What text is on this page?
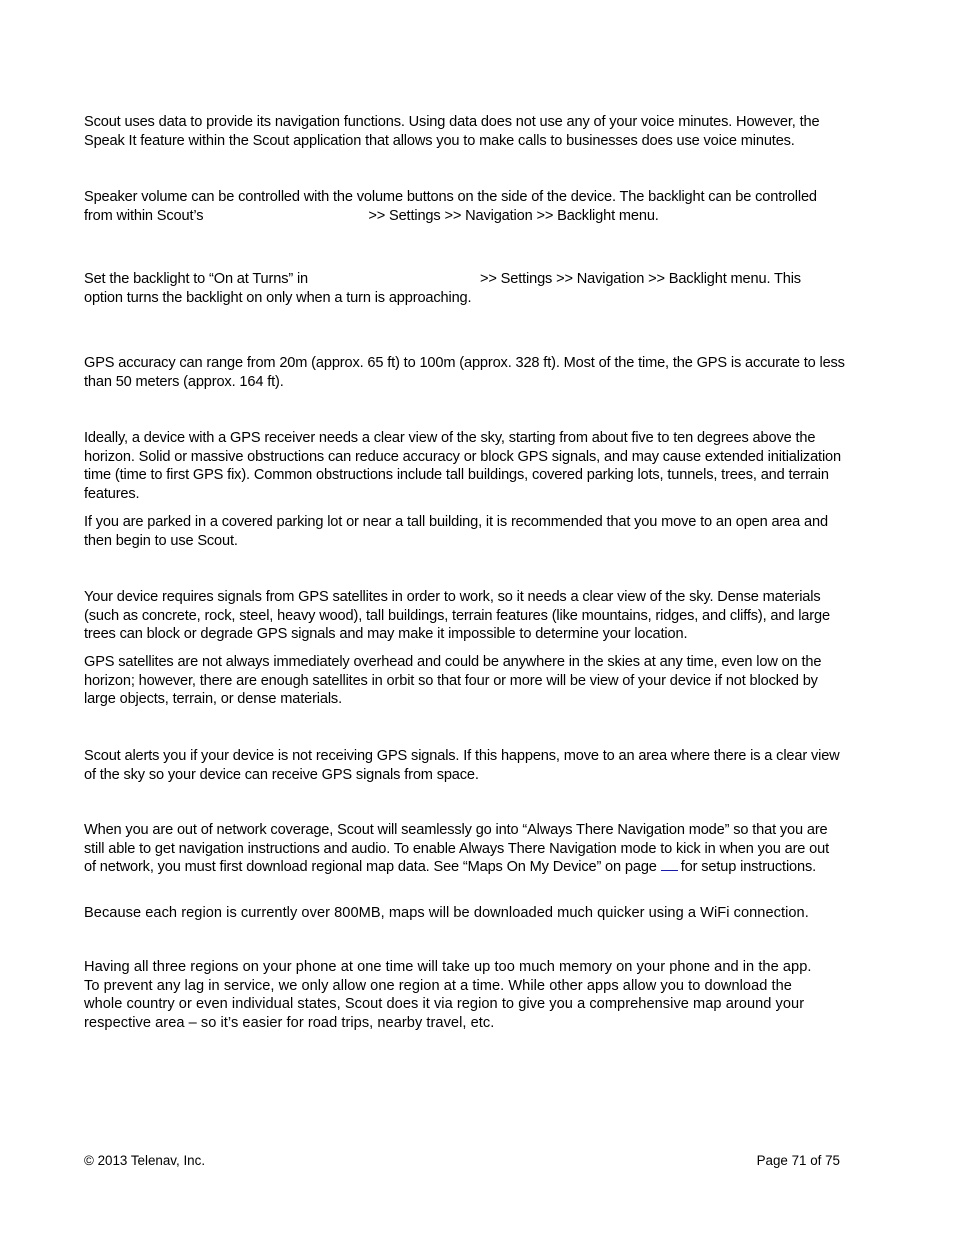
Scout uses data to provide its navigation functions. Using data does not use any of your voice minutes. However, the
Speak It feature within the Scout application that allows you to make calls to businesses does use voice minutes.

Speaker volume can be controlled with the volume buttons on the side of the device. The backlight can be controlled
from within Scout’s	>> Settings >> Navigation >> Backlight menu.

Set the backlight to “On at Turns” in	>> Settings >> Navigation >> Backlight menu. This
option turns the backlight on only when a turn is approaching.

GPS accuracy can range from 20m (approx. 65 ft) to 100m (approx. 328 ft). Most of the time, the GPS is accurate to less
than 50 meters (approx. 164 ft).

Ideally, a device with a GPS receiver needs a clear view of the sky, starting from about five to ten degrees above the
horizon. Solid or massive obstructions can reduce accuracy or block GPS signals, and may cause extended initialization
time (time to first GPS fix). Common obstructions include tall buildings, covered parking lots, tunnels, trees, and terrain
features.

If you are parked in a covered parking lot or near a tall building, it is recommended that you move to an open area and
then begin to use Scout.

Your device requires signals from GPS satellites in order to work, so it needs a clear view of the sky. Dense materials
(such as concrete, rock, steel, heavy wood), tall buildings, terrain features (like mountains, ridges, and cliffs), and large
trees can block or degrade GPS signals and may make it impossible to determine your location.

GPS satellites are not always immediately overhead and could be anywhere in the skies at any time, even low on the
horizon; however, there are enough satellites in orbit so that four or more will be view of your device if not blocked by
large objects, terrain, or dense materials.

Scout alerts you if your device is not receiving GPS signals. If this happens, move to an area where there is a clear view
of the sky so your device can receive GPS signals from space.

When you are out of network coverage, Scout will seamlessly go into “Always There Navigation mode” so that you are
still able to get navigation instructions and audio. To enable Always There Navigation mode to kick in when you are out
of network, you must first download regional map data. See “Maps On My Device” on page for setup instructions.

Because each region is currently over 800MB, maps will be downloaded much quicker using a WiFi connection.

Having all three regions on your phone at one time will take up too much memory on your phone and in the app.
To prevent any lag in service, we only allow one region at a time. While other apps allow you to download the
whole country or even individual states, Scout does it via region to give you a comprehensive map around your
respective area – so it’s easier for road trips, nearby travel, etc.

© 2013 Telenav, Inc.	Page 71 of 75
